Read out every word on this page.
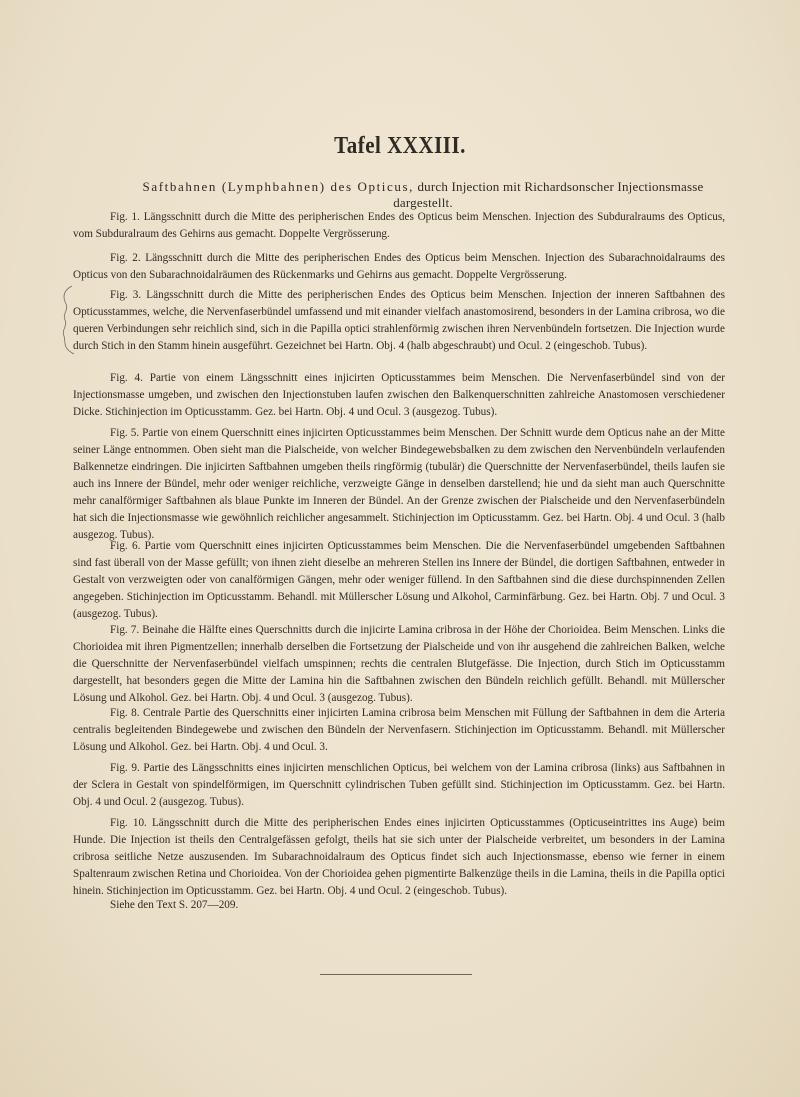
Tafel XXXIII.
Saftbahnen (Lymphbahnen) des Opticus, durch Injection mit Richardsonscher Injectionsmasse dargestellt.
Fig. 1. Längsschnitt durch die Mitte des peripherischen Endes des Opticus beim Menschen. Injection des Subduralraums des Opticus, vom Subduralraum des Gehirns aus gemacht. Doppelte Vergrösserung.
Fig. 2. Längsschnitt durch die Mitte des peripherischen Endes des Opticus beim Menschen. Injection des Subarachnoidalraums des Opticus von den Subarachnoidalräumen des Rückenmarks und Gehirns aus gemacht. Doppelte Vergrösserung.
Fig. 3. Längsschnitt durch die Mitte des peripherischen Endes des Opticus beim Menschen. Injection der inneren Saftbahnen des Opticusstammes, welche, die Nervenfaserbündel umfassend und mit einander vielfach anastomosirend, besonders in der Lamina cribrosa, wo die queren Verbindungen sehr reichlich sind, sich in die Papilla optici strahlenförmig zwischen ihren Nervenbündeln fortsetzen. Die Injection wurde durch Stich in den Stamm hinein ausgeführt. Gezeichnet bei Hartn. Obj. 4 (halb abgeschraubt) und Ocul. 2 (eingeschob. Tubus).
Fig. 4. Partie von einem Längsschnitt eines injicirten Opticusstammes beim Menschen. Die Nervenfaserbündel sind von der Injectionsmasse umgeben, und zwischen den Injectionstuben laufen zwischen den Balkenquerschnitten zahlreiche Anastomosen verschiedener Dicke. Stichinjection im Opticusstamm. Gez. bei Hartn. Obj. 4 und Ocul. 3 (ausgezog. Tubus).
Fig. 5. Partie von einem Querschnitt eines injicirten Opticusstammes beim Menschen. Der Schnitt wurde dem Opticus nahe an der Mitte seiner Länge entnommen. Oben sieht man die Pialscheide, von welcher Bindegewebsbalken zu dem zwischen den Nervenbündeln verlaufenden Balkennetze eindringen. Die injicirten Saftbahnen umgeben theils ringförmig (tubulär) die Querschnitte der Nervenfaserbündel, theils laufen sie auch ins Innere der Bündel, mehr oder weniger reichliche, verzweigte Gänge in denselben darstellend; hie und da sieht man auch Querschnitte mehr canalförmiger Saftbahnen als blaue Punkte im Inneren der Bündel. An der Grenze zwischen der Pialscheide und den Nervenfaserbündeln hat sich die Injectionsmasse wie gewöhnlich reichlicher angesammelt. Stichinjection im Opticusstamm. Gez. bei Hartn. Obj. 4 und Ocul. 3 (halb ausgezog. Tubus).
Fig. 6. Partie vom Querschnitt eines injicirten Opticusstammes beim Menschen. Die die Nervenfaserbündel umgebenden Saftbahnen sind fast überall von der Masse gefüllt; von ihnen zieht dieselbe an mehreren Stellen ins Innere der Bündel, die dortigen Saftbahnen, entweder in Gestalt von verzweigten oder von canalförmigen Gängen, mehr oder weniger füllend. In den Saftbahnen sind die diese durchspinnenden Zellen angegeben. Stichinjection im Opticusstamm. Behandl. mit Müllerscher Lösung und Alkohol, Carminfärbung. Gez. bei Hartn. Obj. 7 und Ocul. 3 (ausgezog. Tubus).
Fig. 7. Beinahe die Hälfte eines Querschnitts durch die injicirte Lamina cribrosa in der Höhe der Chorioidea. Beim Menschen. Links die Chorioidea mit ihren Pigmentzellen; innerhalb derselben die Fortsetzung der Pialscheide und von ihr ausgehend die zahlreichen Balken, welche die Querschnitte der Nervenfaserbündel vielfach umspinnen; rechts die centralen Blutgefässe. Die Injection, durch Stich im Opticusstamm dargestellt, hat besonders gegen die Mitte der Lamina hin die Saftbahnen zwischen den Bündeln reichlich gefüllt. Behandl. mit Müllerscher Lösung und Alkohol. Gez. bei Hartn. Obj. 4 und Ocul. 3 (ausgezog. Tubus).
Fig. 8. Centrale Partie des Querschnitts einer injicirten Lamina cribrosa beim Menschen mit Füllung der Saftbahnen in dem die Arteria centralis begleitenden Bindegewebe und zwischen den Bündeln der Nervenfasern. Stichinjection im Opticusstamm. Behandl. mit Müllerscher Lösung und Alkohol. Gez. bei Hartn. Obj. 4 und Ocul. 3.
Fig. 9. Partie des Längsschnitts eines injicirten menschlichen Opticus, bei welchem von der Lamina cribrosa (links) aus Saftbahnen in der Sclera in Gestalt von spindelförmigen, im Querschnitt cylindrischen Tuben gefüllt sind. Stichinjection im Opticusstamm. Gez. bei Hartn. Obj. 4 und Ocul. 2 (ausgezog. Tubus).
Fig. 10. Längsschnitt durch die Mitte des peripherischen Endes eines injicirten Opticusstammes (Opticuseintrittes ins Auge) beim Hunde. Die Injection ist theils den Centralgefässen gefolgt, theils hat sie sich unter der Pialscheide verbreitet, um besonders in der Lamina cribrosa seitliche Netze auszusenden. Im Subarachnoidalraum des Opticus findet sich auch Injectionsmasse, ebenso wie ferner in einem Spaltenraum zwischen Retina und Chorioidea. Von der Chorioidea gehen pigmentirte Balkenzüge theils in die Lamina, theils in die Papilla optici hinein. Stichinjection im Opticusstamm. Gez. bei Hartn. Obj. 4 und Ocul. 2 (eingeschob. Tubus).
Siehe den Text S. 207—209.
